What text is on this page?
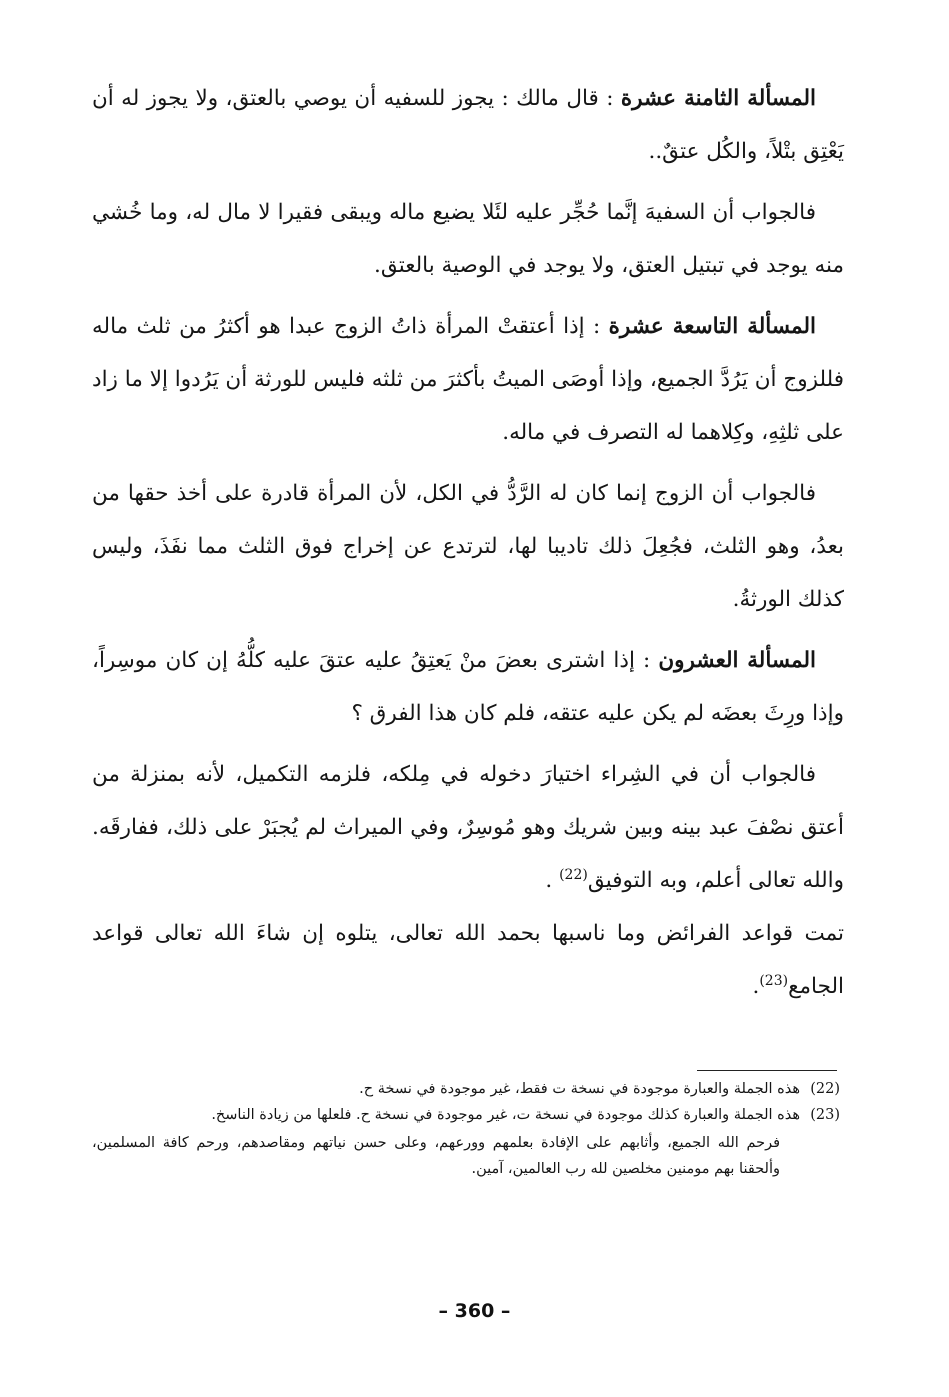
المسألة الثامنة عشرة : قال مالك : يجوز للسفيه أن يوصي بالعتق، ولا يجوز له أن يَعْتِق بتْلاً، والكُل عتقٌ..

فالجواب أن السفيهَ إنَّما حُجِّر عليه لئَلا يضيع ماله ويبقى فقيرا لا مال له، وما خُشي منه يوجد في تبتيل العتق، ولا يوجد في الوصية بالعتق.

المسألة التاسعة عشرة : إذا أعتقتْ المرأة ذاتُ الزوج عبدا هو أكثرُ من ثلث ماله فللزوج أن يَرُدَّ الجميع، وإذا أوصَى الميتُ بأكثرَ من ثلثه فليس للورثة أن يَرُدوا إلا ما زاد على ثلثِهِ، وكِلاهما له التصرف في ماله.

فالجواب أن الزوج إنما كان له الرَّدُّ في الكل، لأن المرأة قادرة على أخذ حقها من بعدُ، وهو الثلث، فجُعِلَ ذلك تاديبا لها، لترتدع عن إخراج فوق الثلث مما نفَذَ، وليس كذلك الورثةُ.

المسألة العشرون : إذا اشترى بعضَ منْ يَعتِقُ عليه عتقَ عليه كلُّهُ إن كان موسِراً، وإذا ورِثَ بعضَه لم يكن عليه عتقه، فلم كان هذا الفرق ؟

فالجواب أن في الشِراء اختيارَ دخوله في مِلكه، فلزمه التكميل، لأنه بمنزلة من أعتق نصْفَ عبد بينه وبين شريك وهو مُوسِرٌ، وفي الميراث لم يُجبَرْ على ذلك، ففارقَه. والله تعالى أعلم، وبه التوفيق$^{(22)}$ .

تمت قواعد الفرائض وما ناسبها بحمد الله تعالى، يتلوه إن شاءَ الله تعالى قواعد الجامع$^{(23)}$.

(22)
هذه الجملة والعبارة موجودة في نسخة ت فقط، غير موجودة في نسخة ح.

(23)
هذه الجملة والعبارة كذلك موجودة في نسخة ت، غير موجودة في نسخة ح. فلعلها من زيادة الناسخ.

فرحم الله الجميع، وأثابهم على الإفادة بعلمهم وورعهم، وعلى حسن نياتهم ومقاصدهم، ورحم كافة المسلمين، وألحقنا بهم مومنين مخلصين لله رب العالمين، آمين.

– 360 –
